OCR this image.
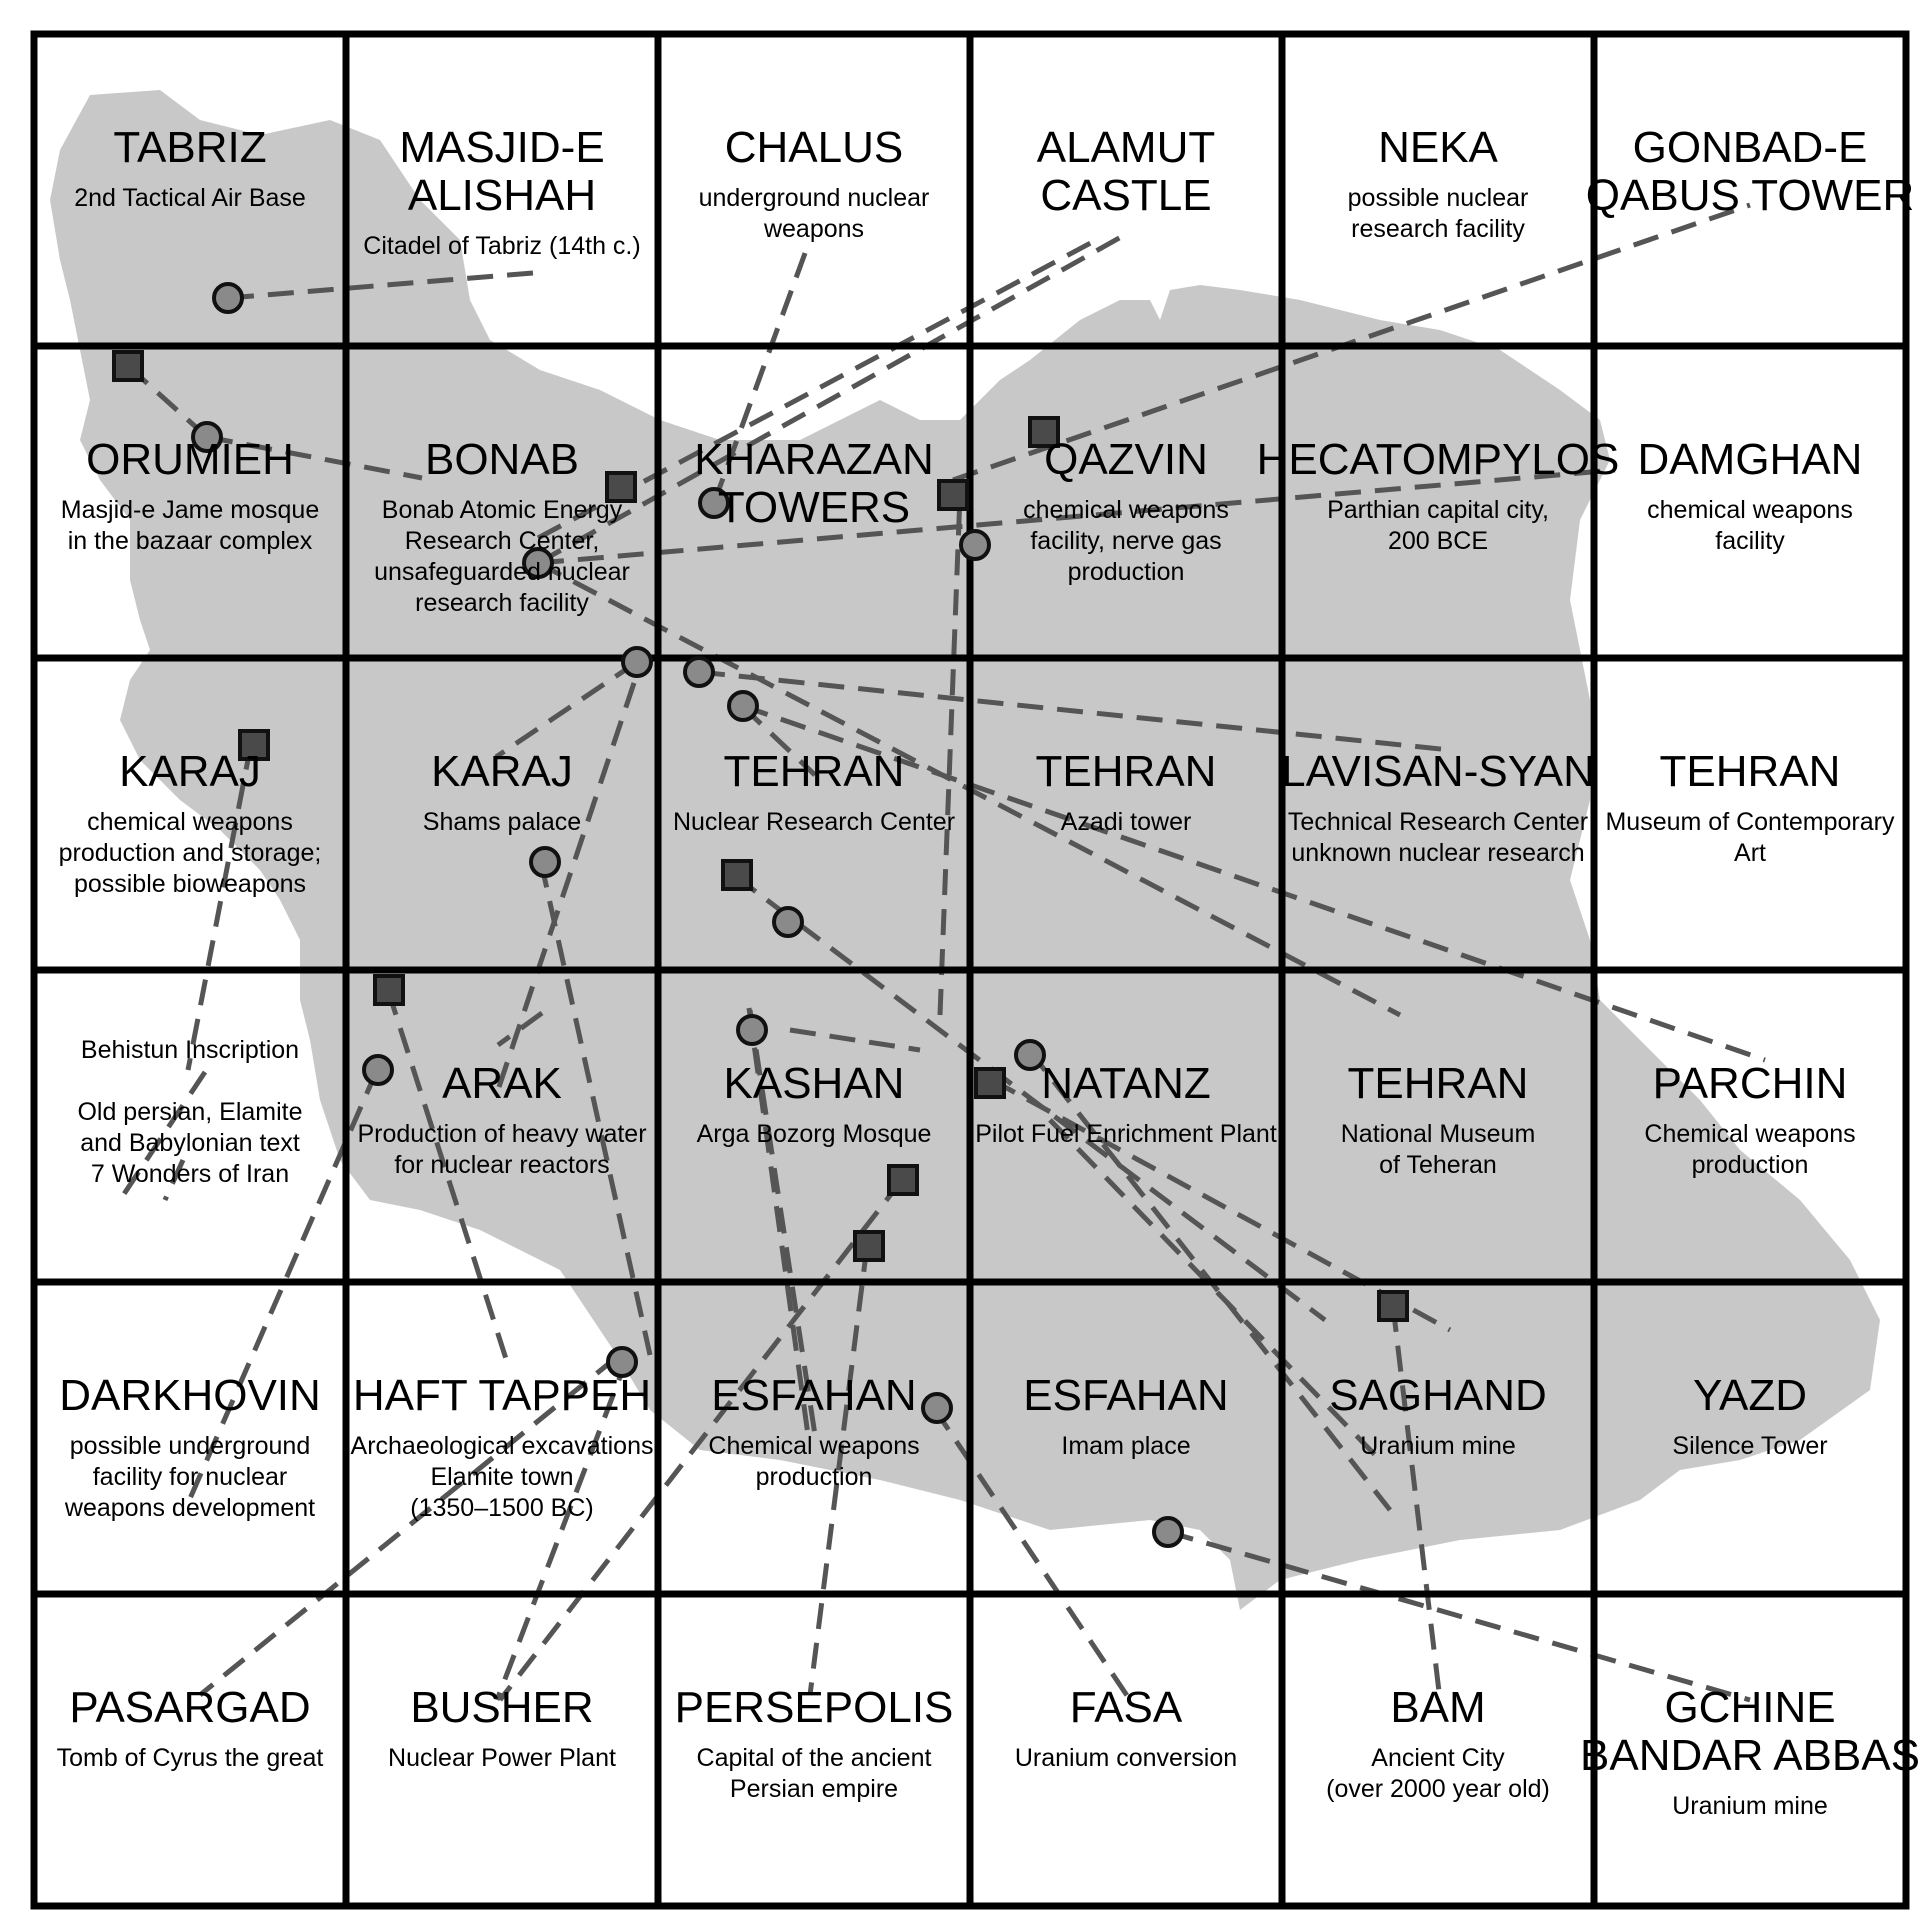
TABRIZ
2nd Tactical Air Base
MASJID-E
ALISHAH
Citadel of Tabriz (14th c.)
CHALUS
underground nuclear
weapons
ALAMUT
CASTLE
NEKA
possible nuclear
research facility
GONBAD-E
QABUS TOWER
ORUMIEH
Masjid-e Jame mosque
in the bazaar complex
BONAB
Bonab Atomic Energy
Research Center,
unsafeguarded nuclear
research facility
KHARAZAN
TOWERS
QAZVIN
chemical weapons
facility, nerve gas
production
HECATOMPYLOS
Parthian capital city,
200 BCE
DAMGHAN
chemical weapons
facility
KARAJ
chemical weapons
production and storage;
possible bioweapons
KARAJ
Shams palace
TEHRAN
Nuclear Research Center
TEHRAN
Azadi tower
LAVISAN-SYAN
Technical Research Center
unknown nuclear research
TEHRAN
Museum of Contemporary
Art
Behistun Inscription
Old persian, Elamite
and Babylonian text
7 Wonders of Iran
ARAK
Production of heavy water
for nuclear reactors
KASHAN
Arga Bozorg Mosque
NATANZ
Pilot Fuel Enrichment Plant
TEHRAN
National Museum
of Teheran
PARCHIN
Chemical weapons
production
DARKHOVIN
possible underground
facility for nuclear
weapons development
HAFT TAPPEH
Archaeological excavations
Elamite town
(1350–1500 BC)
ESFAHAN
Chemical weapons
production
ESFAHAN
Imam place
SAGHAND
Uranium mine
YAZD
Silence Tower
PASARGAD
Tomb of Cyrus the great
BUSHER
Nuclear Power Plant
PERSEPOLIS
Capital of the ancient
Persian empire
FASA
Uranium conversion
BAM
Ancient City
(over 2000 year old)
GCHINE
BANDAR ABBAS
Uranium mine
